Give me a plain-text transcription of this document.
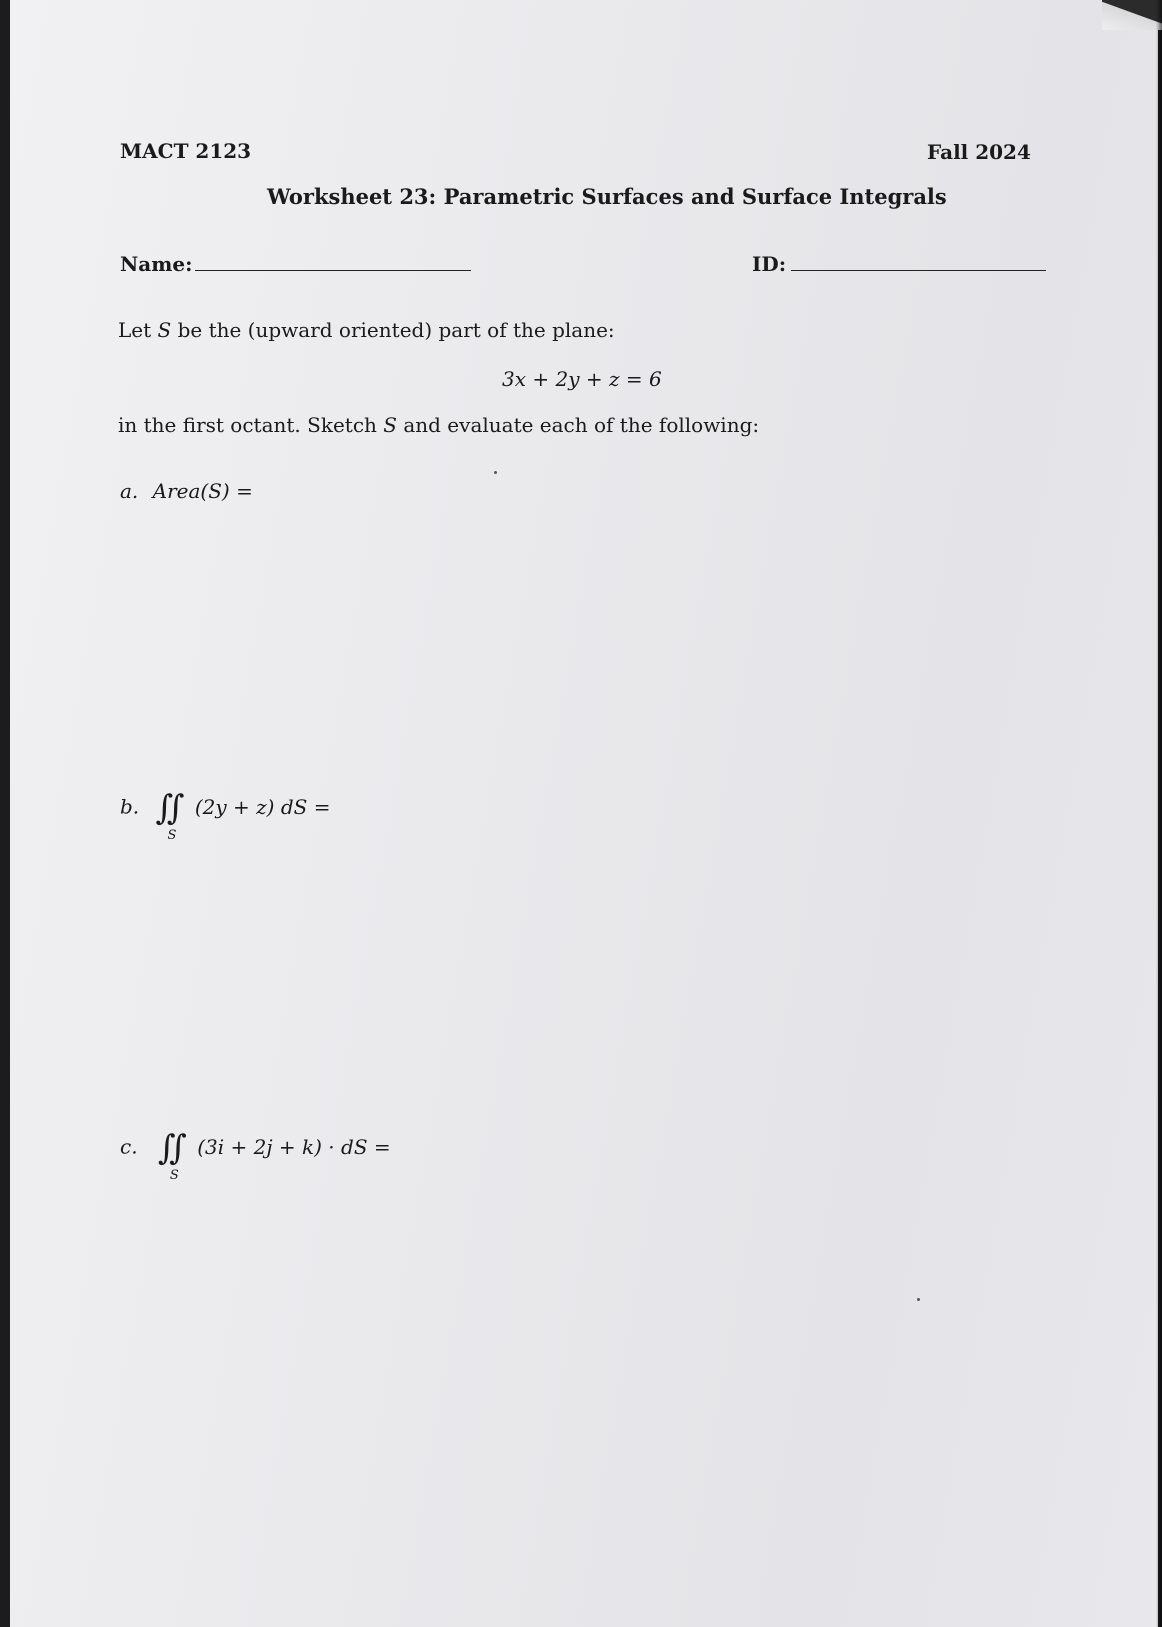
MACT 2123	Fall 2024
Worksheet 23: Parametric Surfaces and Surface Integrals
Name:	ID:
Let S be the (upward oriented) part of the plane:
3x + 2y + z = 6
in the first octant. Sketch S and evaluate each of the following:
a. Area(S) =
b. ∬
S
(2y + z) dS =
c. ∬
S
(3i + 2j + k) · dS =
